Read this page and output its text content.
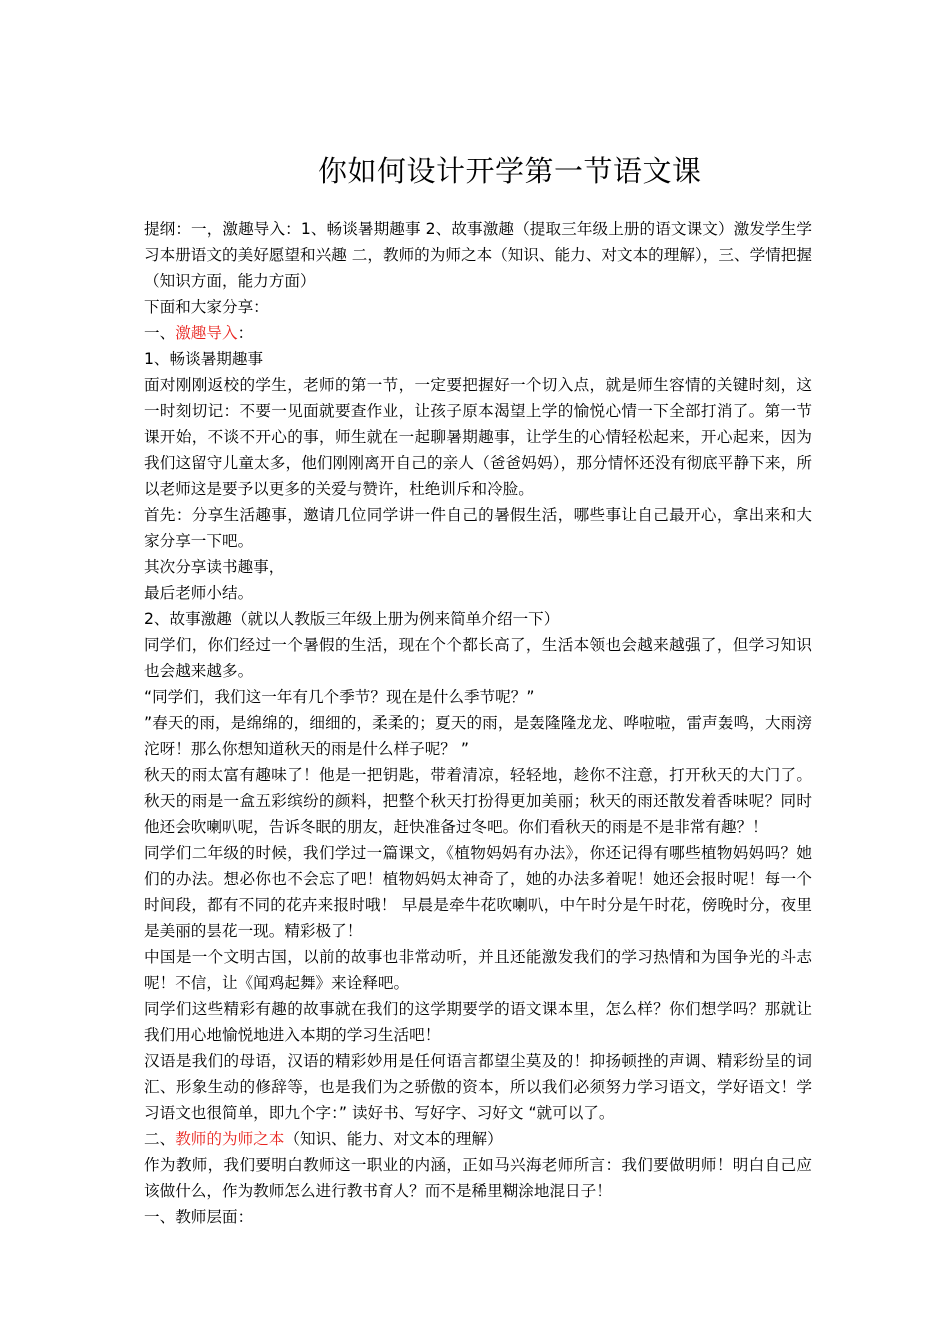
你如何设计开学第一节语文课

提纲：一，激趣导入：1、畅谈暑期趣事 2、故事激趣（提取三年级上册的语文课文）激发学生学习本册语文的美好愿望和兴趣 二，教师的为师之本（知识、能力、对文本的理解），三、学情把握 （知识方面，能力方面）

下面和大家分享：

一、激趣导入：

1、畅谈暑期趣事

面对刚刚返校的学生，老师的第一节，一定要把握好一个切入点，就是师生容情的关键时刻，这一时刻切记：不要一见面就要查作业，让孩子原本渴望上学的愉悦心情一下全部打消了。第一节课开始，不谈不开心的事，师生就在一起聊暑期趣事，让学生的心情轻松起来，开心起来，因为我们这留守儿童太多，他们刚刚离开自己的亲人（爸爸妈妈），那分情怀还没有彻底平静下来，所以老师这是要予以更多的关爱与赞许，杜绝训斥和冷脸。

首先：分享生活趣事，邀请几位同学讲一件自己的暑假生活，哪些事让自己最开心，拿出来和大家分享一下吧。

其次分享读书趣事，

最后老师小结。

2、故事激趣（就以人教版三年级上册为例来简单介绍一下）

同学们，你们经过一个暑假的生活，现在个个都长高了，生活本领也会越来越强了，但学习知识也会越来越多。

“同学们，我们这一年有几个季节？现在是什么季节呢？”

”春天的雨，是绵绵的，细细的，柔柔的；夏天的雨，是轰隆隆龙龙、哗啦啦，雷声轰鸣，大雨滂沱呀！那么你想知道秋天的雨是什么样子呢？ ”

秋天的雨太富有趣味了！他是一把钥匙，带着清凉，轻轻地，趁你不注意，打开秋天的大门了。秋天的雨是一盒五彩缤纷的颜料，把整个秋天打扮得更加美丽；秋天的雨还散发着香味呢？同时他还会吹喇叭呢，告诉冬眠的朋友，赶快准备过冬吧。你们看秋天的雨是不是非常有趣？！

同学们二年级的时候，我们学过一篇课文，《植物妈妈有办法》，你还记得有哪些植物妈妈吗？她们的办法。想必你也不会忘了吧！植物妈妈太神奇了，她的办法多着呢！她还会报时呢！每一个时间段，都有不同的花卉来报时哦！ 早晨是牵牛花吹喇叭，中午时分是午时花，傍晚时分，夜里是美丽的昙花一现。精彩极了！

中国是一个文明古国，以前的故事也非常动听，并且还能激发我们的学习热情和为国争光的斗志呢！不信，让《闻鸡起舞》来诠释吧。

同学们这些精彩有趣的故事就在我们的这学期要学的语文课本里，怎么样？你们想学吗？那就让我们用心地愉悦地进入本期的学习生活吧！

汉语是我们的母语，汉语的精彩妙用是任何语言都望尘莫及的！抑扬顿挫的声调、精彩纷呈的词汇、形象生动的修辞等，也是我们为之骄傲的资本，所以我们必须努力学习语文，学好语文！学习语文也很简单，即九个字：” 读好书、写好字、习好文 “就可以了。

二、教师的为师之本（知识、能力、对文本的理解）

作为教师，我们要明白教师这一职业的内涵，正如马兴海老师所言：我们要做明师！明白自己应该做什么，作为教师怎么进行教书育人？而不是稀里糊涂地混日子！

一、教师层面：
